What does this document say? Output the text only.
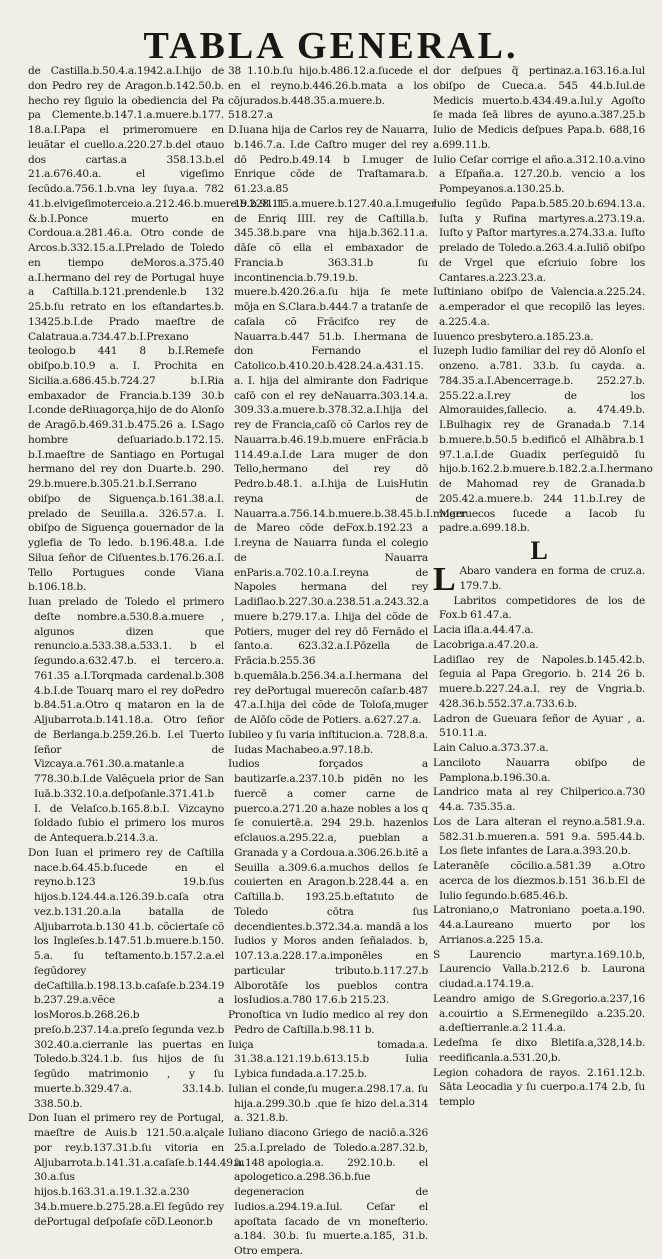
TABLA GENERAL.

de Castilla.b.50.4.a.1942.a.I.hijo de don Pedro rey de Aragon.b.142.50.b. hecho rey ſiguio la obediencia del Pa pa Clemente.b.147.1.a.muere.b.177. 18.a.I.Papa el primeromuere en leuãtar el cuello.a.220.27.b.del oͤtauo dos cartas.a 358.13.b.el 21.a.676.40.a. el vigeſimo ſecūdo.a.756.1.b.vna ley ſuya.a. 782 41.b.elvigeſimoterceio.a.212.46.b.muere.b.228.11 &.b.I.Ponce muerto en Cordoua.a.281.46.a. Otro conde de Arcos.b.332.15.a.I.Prelado de Toledo en tiempo deMoros.a.375.40 a.I.hermano del rey de Portugal huye a Caſtilla.b.121.prendenle.b 132 25.b.ſu retrato en los eſtandartes.b. 13425.b.I.de Prado maeſtre de Calatraua.a.734.47.b.I.Prexano teologo.b 441 8 b.I.Remefe obiſpo.b.10.9 a. I. Prochita en Sicilia.a.686.45.b.724.27 b.I.Ria embaxador de Francia.b.139 30.b I.conde deRiuagorça,hijo de do Alonſo de Aragõ.b.469.31.b.475.26 a. I.Sago hombre deſuariado.b.172.15. b.I.maeſtre de Santiago en Portugal hermano del rey don Duarte.b. 290. 29.b.muere.b.305.21.b.I.Serrano obiſpo de Siguença.b.161.38.a.I. prelado de Seuilla.a. 326.57.a. I. obiſpo de Siguença gouernador de la yglefia de To ledo. b.196.48.a. I.de Silua ſeñor de Ciſuentes.b.176.26.a.I. Tello Portugues conde Viana b.106.18.b.

Iuan prelado de Toledo el primero deſte nombre.a.530.8.a.muere , algunos dizen que renuncio.a.533.38.a.533.1. b el ſegundo.a.632.47.b. el tercero.a. 761.35 a.I.Torqmada cardenal.b.308 4.b.I.de Touarq maro el rey doPedro b.84.51.a.Otro q mataron en la de Aljubarrota.b.141.18.a. Otro ſeñor de Berlanga.b.259.26.b. I.el Tuerto ſeñor de Vizcaya.a.761.30.a.matanle.a 778.30.b.I.de Valẽçuela prior de San Iuā.b.332.10.a.deſpoſanle.371.41.b I. de Velaſco.b.165.8.b.I. Vizcayno ſoldado ſubio el primero los muros de Antequera.b.214.3.a.

Don Iuan el primero rey de Caſtilla nace.b.64.45.b.ſucede en el reyno.b.123 19.b.ſus hijos.b.124.44.a.126.39.b.caſa otra vez.b.131.20.a.la batalla de Aljubarrota.b.130 41.b. cõciertaſe cõ los Ingleſes.b.147.51.b.muere.b.150. 5.a. ſu teſtamento.b.157.2.a.el ſegūdorey deCaſtilla.b.198.13.b.caſaſe.b.234.19 b.237.29.a.vẽce a losMoros.b.268.26.b preſo.b.237.14.a.preſo ſegunda vez.b 302.40.a.cierranle las puertas en Toledo.b.324.1.b. ſus hijos de ſu ſegūdo matrimonio , y ſu muerte.b.329.47.a. 33.14.b. 338.50.b.

Don Iuan el primero rey de Portugal, maeſtre de Auis.b 121.50.a.alçale por rey.b.137.31.b.ſu vitoria en Aljubarrota.b.141.31.a.caſaſe.b.144.49.a.148 30.a.ſus hijos.b.163.31.a.19.1.32.a.230 34.b.muere.b.275.28.a.El ſegūdo rey dePortugal deſpoſaſe cõD.Leonor.b

38 1.10.b.ſu hijo.b.486.12.a.ſucede el en el reyno.b.446.26.b.mata a los cōjurados.b.448.35.a.muere.b. 518.27.a

D.Iuana hija de Carlos rey de Nauarra, b.146.7.a. I.de Caſtro muger del rey dō Pedro.b.49.14 b I.muger de Enrique cōde de Traſtamara.b. 61.23.a.85 19.b.91.15.a.muere.b.127.40.a.I.muger de Enriq IIII. rey de Caſtilla.b. 345.38.b.pare vna hija.b.362.11.a. dāſe cõ ella el embaxador de Francia.b 363.31.b ſu incontinencia.b.79.19.b. muere.b.420.26.a.ſu hija ſe mete mōja en S.Clara.b.444.7 a tratanſe de caſala cõ Frācifco rey de Nauarra.b.447 51.b. I.hermana de don Fernando el Catolico.b.410.20.b.428.24.a.431.15. a. I. hija del almirante don Fadrique caſō con el rey deNauarra.303.14.a. 309.33.a.muere.b.378.32.a.I.hija del rey de Francia,caſō cõ Carlos rey de Nauarra.b.46.19.b.muere enFrācia.b 114.49.a.I.de Lara muger de don Tello,hermano del rey dō Pedro.b.48.1. a.I.hija de LuisHutin reyna de Nauarra.a.756.14.b.muere.b.38.45.b.I.muger de Mareo cōde deFox.b.192.23 a I.reyna de Nauarra funda el colegio de Nauarra enParis.a.702.10.a.I.reyna de Napoles hermana del rey Ladiſlao.b.227.30.a.238.51.a.243.32.a muere b.279.17.a. I.hija del cõde de Potiers, muger del rey dō Fernādo el ſanto.a. 623.32.a.I.Pōzella de Frācia.b.255.36 b.quemāla.b.256.34.a.I.hermana del rey dePortugal muerecōn caſar.b.487 47.a.I.hija del cõde de Toloſa,muger de Alōſo cõde de Potiers. a.627.27.a.

Iubileo y ſu varia inſtitucion.a. 728.8.a. Iudas Machabeo.a.97.18.b.

Iudios forçados a bautizarſe.a.237.10.b pidẽn no les fuercē a comer carne de puerco.a.271.20 a.haze nobles a los q ſe conuiertē.a. 294 29.b. hazenlos eſclauos.a.295.22.a, pueblan a Granada y a Cordoua.a.306.26.b.itẽ a Seuilla a.309.6.a.muchos dellos ſe couierten en Aragon.b.228.44 a. en Caſtilla.b. 193.25.b.eſtatuto de Toledo cōtra ſus decendientes.b.372.34.a. mandā a los Iudios y Moros anden ſeñalados. b, 107.13.a.228.17.a.imponēles en particular tributo.b.117.27.b Alborotāſe los pueblos contra losIudios.a.780 17.6.b 215.23.

Pronoſtica vn Iudio medico al rey don Pedro de Caſtilla.b.98.11 b.

Iuiça tomada.a. 31.38.a.121.19.b.613.15.b Iulia Lybica fundada.a.17.25.b.

Iulian el conde,ſu muger.a.298.17.a. ſu hija.a.299.30.b .que ſe hizo del.a.314 a. 321.8.b.

Iuliano diacono Griego de naciō.a.326 25.a.I.prelado de Toledo.a.287.32.b, ſu apologia.a. 292.10.b. el apologetico.a.298.36.b.fue degeneracion de Iudios.a.294.19.a.Iul. Ceſar el apoſtata ſacado de vn moneſterio. a.184. 30.b. ſu muerte.a.185, 31.b. Otro empera.

dor deſpues q̃ pertinaz.a.163.16.a.Iul obiſpo de Cueca.a. 545 44.b.Iul.de Medicis muerto.b.434.49.a.Iul.y Agoſto ſe mada ſeā libres de ayuno.a.387.25.b Iulio de Medicis deſpues Papa.b. 688,16 a.699.11.b.

Iulio Ceſar corrige el año.a.312.10.a.vino a Eſpaña.a. 127.20.b. vencio a los Pompeyanos.a.130.25.b.

Iulio ſegūdo Papa.b.585.20.b.694.13.a. Iuſta y Rufina martyres.a.273.19.a. Iuſto y Paſtor martyres.a.274.33.a. Iuſto prelado de Toledo.a.263.4.a.Iuliō obiſpo de Vrgel que eſcriuio ſobre los Cantares.a.223.23.a.

Iuſtiniano obiſpo de Valencia.a.225.24. a.emperador el que recopilō las leyes. a.225.4.a.

Iuuenco presbytero.a.185.23.a.

Iuzeph Iudio familiar del rey dō Alonſo el onzeno. a.781. 33.b. ſu cayda. a. 784.35.a.I.Abencerrage.b. 252.27.b. 255.22.a.I.rey de los Almorauides,ſallecio. a. 474.49.b. I.Bulhagix rey de Granada.b 7.14 b.muere.b.50.5 b.edificō el Alhābra.b.1 97.1.a.I.de Guadix perſeguidō ſu hijo.b.162.2.b.muere.b.182.2.a.I.hermano de Mahomad rey de Granada.b 205.42.a.muere.b. 244 11.b.I.rey de Marruecos ſucede a Iacob ſu padre.a.699.18.b.

L

L Abaro vandera en forma de cruz.a. 179.7.b.

Labritos competidores de los de Fox.b 61.47.a.

Lacia iſla.a.44.47.a.

Lacobriga.a.47.20.a.

Ladiſlao rey de Napoles.b.145.42.b. ſeguia al Papa Gregorio. b. 214 26 b. muere.b.227.24.a.I. rey de Vngria.b. 428.36.b.552.37.a.733.6.b.

Ladron de Gueuara ſeñor de Ayuar , a. 510.11.a.

Lain Caluo.a.373.37.a.

Lanciloto Nauarra obiſpo de Pamplona.b.196.30.a.

Landrico mata al rey Chilperico.a.730 44.a. 735.35.a.

Los de Lara alteran el reyno.a.581.9.a. 582.31.b.mueren.a. 591 9.a. 595.44.b. Los ſiete infantes de Lara.a.393.20.b.

Lateranēſe cõcilio.a.581.39 a.Otro acerca de los diezmos.b.151 36.b.El de Iulio ſegundo.b.685.46.b.

Latroniano,o Matroniano poeta.a.190. 44.a.Laureano muerto por los Arrianos.a.225 15.a.

S Laurencio martyr.a.169.10.b, Laurencio Valla.b.212.6 b. Laurona ciudad.a.174.19.a.

Leandro amigo de S.Gregorio.a.237,16 a.couirtio a S.Ermenegildo a.235.20. a.deſtierranle.a.2 11.4.a.

Ledeſma ſe dixo Bletiſa.a,328,14.b. reedificanla.a.531.20,b.

Legion cohadora de rayos. 2.161.12.b. Sāta Leocadia y ſu cuerpo.a.174 2.b, ſu templo
